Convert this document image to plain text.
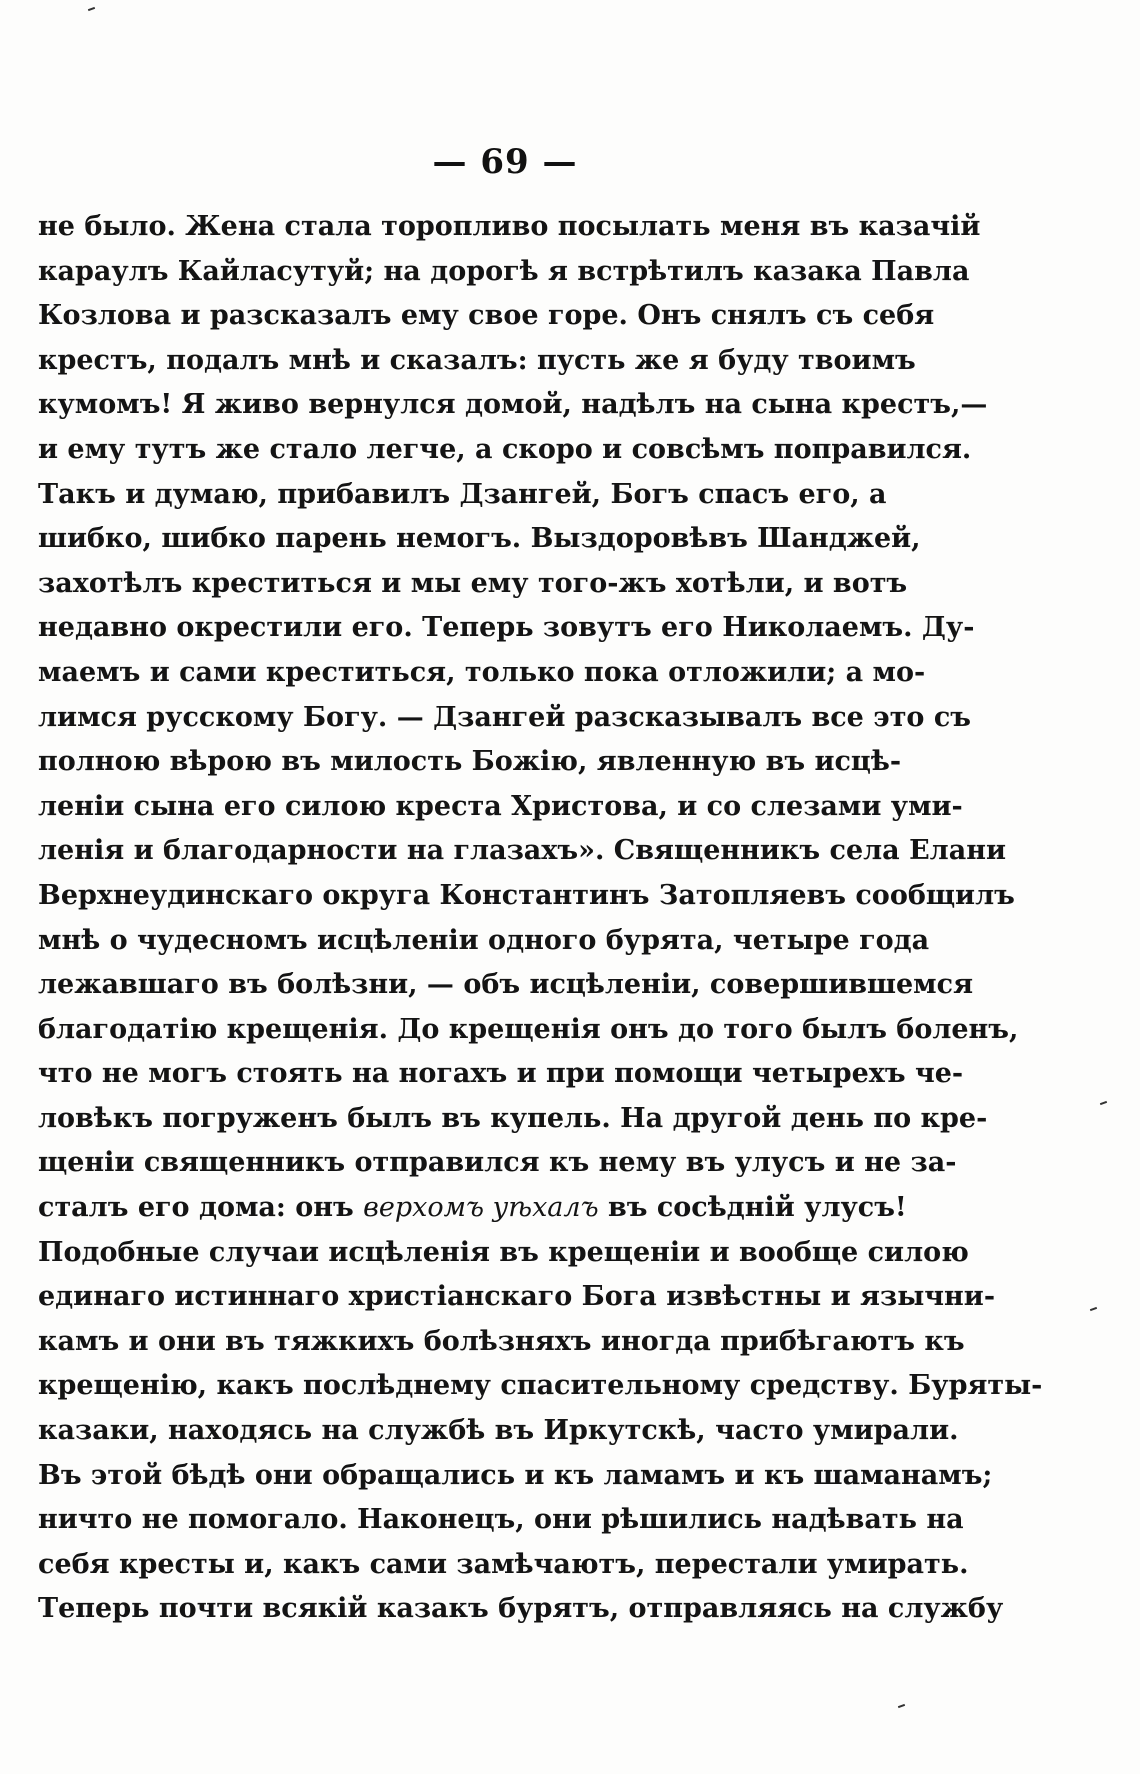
— 69 —
не было. Жена стала торопливо посылать меня въ казачій
караулъ Кайласутуй; на дорогѣ я встрѣтилъ казака Павла
Козлова и разсказалъ ему свое горе. Онъ снялъ съ себя
крестъ, подалъ мнѣ и сказалъ: пусть же я буду твоимъ
кумомъ! Я живо вернулся домой, надѣлъ на сына крестъ,—
и ему тутъ же стало легче, а скоро и совсѣмъ поправился.
Такъ и думаю, прибавилъ Дзангей, Богъ спасъ его, а
шибко, шибко парень немогъ. Выздоровѣвъ Шанджей,
захотѣлъ креститься и мы ему того-жъ хотѣли, и вотъ
недавно окрестили его. Теперь зовутъ его Николаемъ. Ду-
маемъ и сами креститься, только пока отложили; а мо-
лимся русскому Богу. — Дзангей разсказывалъ все это съ
полною вѣрою въ милость Божію, явленную въ исцѣ-
леніи сына его силою креста Христова, и со слезами уми-
ленія и благодарности на глазахъ». Священникъ села Елани
Верхнеудинскаго округа Константинъ Затопляевъ сообщилъ
мнѣ о чудесномъ исцѣленіи одного бурята, четыре года
лежавшаго въ болѣзни, — объ исцѣленіи, совершившемся
благодатію крещенія. До крещенія онъ до того былъ боленъ,
что не могъ стоять на ногахъ и при помощи четырехъ че-
ловѣкъ погруженъ былъ въ купель. На другой день по кре-
щеніи священникъ отправился къ нему въ улусъ и не за-
сталъ его дома: онъ верхомъ уѣхалъ въ сосѣдній улусъ!
Подобные случаи исцѣленія въ крещеніи и вообще силою
единаго истиннаго христіанскаго Бога извѣстны и язычни-
камъ и они въ тяжкихъ болѣзняхъ иногда прибѣгаютъ къ
крещенію, какъ послѣднему спасительному средству. Буряты-
казаки, находясь на службѣ въ Иркутскѣ, часто умирали.
Въ этой бѣдѣ они обращались и къ ламамъ и къ шаманамъ;
ничто не помогало. Наконецъ, они рѣшились надѣвать на
себя кресты и, какъ сами замѣчаютъ, перестали умирать.
Теперь почти всякій казакъ бурятъ, отправляясь на службу
